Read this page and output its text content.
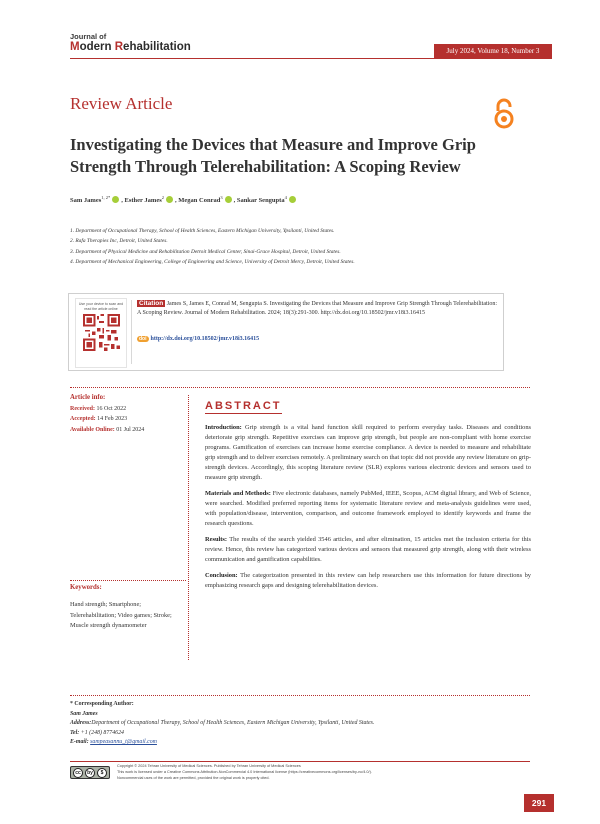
Journal of
Modern Rehabilitation	July 2024, Volume 18, Number 3
Review Article
Investigating the Devices that Measure and Improve Grip Strength Through Telerehabilitation: A Scoping Review
Sam James$^{1, 2*}$ , Esther James$^2$ , Megan Conrad$^3$ , Sankar Sengupta$^4$
1. Department of Occupational Therapy, School of Health Sciences, Eastern Michigan University, Ypsilanti, United States.
2. Rafa Therapies Inc, Detroit, United States.
3. Department of Physical Medicine and Rehabilitation Detroit Medical Center, Sinai-Grace Hospital, Detroit, United States.
4. Department of Mechanical Engineering, College of Engineering and Science, University of Detroit Mercy, Detroit, United States.
Use your device to scan and read the article online
Citation James S, James E, Conrad M, Sengupta S. Investigating the Devices that Measure and Improve Grip Strength Through Telerehabilitation: A Scoping Review. Journal of Modern Rehabilitation. 2024; 18(3):291-300. http://dx.doi.org/10.18502/jmr.v18i3.16415
doi http://dx.doi.org/10.18502/jmr.v18i3.16415
Article info:
Received: 16 Oct 2022
Accepted: 14 Feb 2023
Available Online: 01 Jul 2024
Keywords:
Hand strength; Smartphone; Telerehabilitation; Video games; Stroke; Muscle strength dynamometer
ABSTRACT

Introduction: Grip strength is a vital hand function skill required to perform everyday tasks. Diseases and conditions deteriorate grip strength. Repetitive exercises can improve grip strength, but people are non-compliant with home exercise programs. Gamification of exercises can increase home exercise compliance. A device is needed to measure and rehabilitate grip strength and to deliver exercises remotely. A preliminary search on that topic did not provide any review literature on grip-strength devices. Accordingly, this scoping literature review (SLR) explores various electronic devices and sensors used to measure grip strength.

Materials and Methods: Five electronic databases, namely PubMed, IEEE, Scopus, ACM digital library, and Web of Science, were searched. Modified preferred reporting items for systematic literature review and meta-analysis guidelines were used, with population/disease, intervention, comparison, and outcome framework employed to identify keywords and frame the research questions.

Results: The results of the search yielded 3546 articles, and after elimination, 15 articles met the inclusion criteria for this review. Hence, this review has categorized various devices and sensors that measured grip strength, along with their wireless communication and gamification capabilities.

Conclusion: The categorization presented in this review can help researchers use this information for future directions by emphasizing research gaps and designing telerehabilitation devices.

* Corresponding Author:
Sam James
Address:Department of Occupational Therapy, School of Health Sciences, Eastern Michigan University, Ypsilanti, United States.
Tel: +1 (248) 8774624
E-mail: sampeasannu_t@gmail.com
cc	by	$
Copyright © 2024 Tehran University of Medical Sciences. Published by Tehran University of Medical Sciences
This work is licensed under a Creative Commons Attribution-NonCommercial 4.0 International license (https://creativecommons.org/licenses/by-nc/4.0/).
Noncommercial uses of the work are permitted, provided the original work is properly cited.
291
